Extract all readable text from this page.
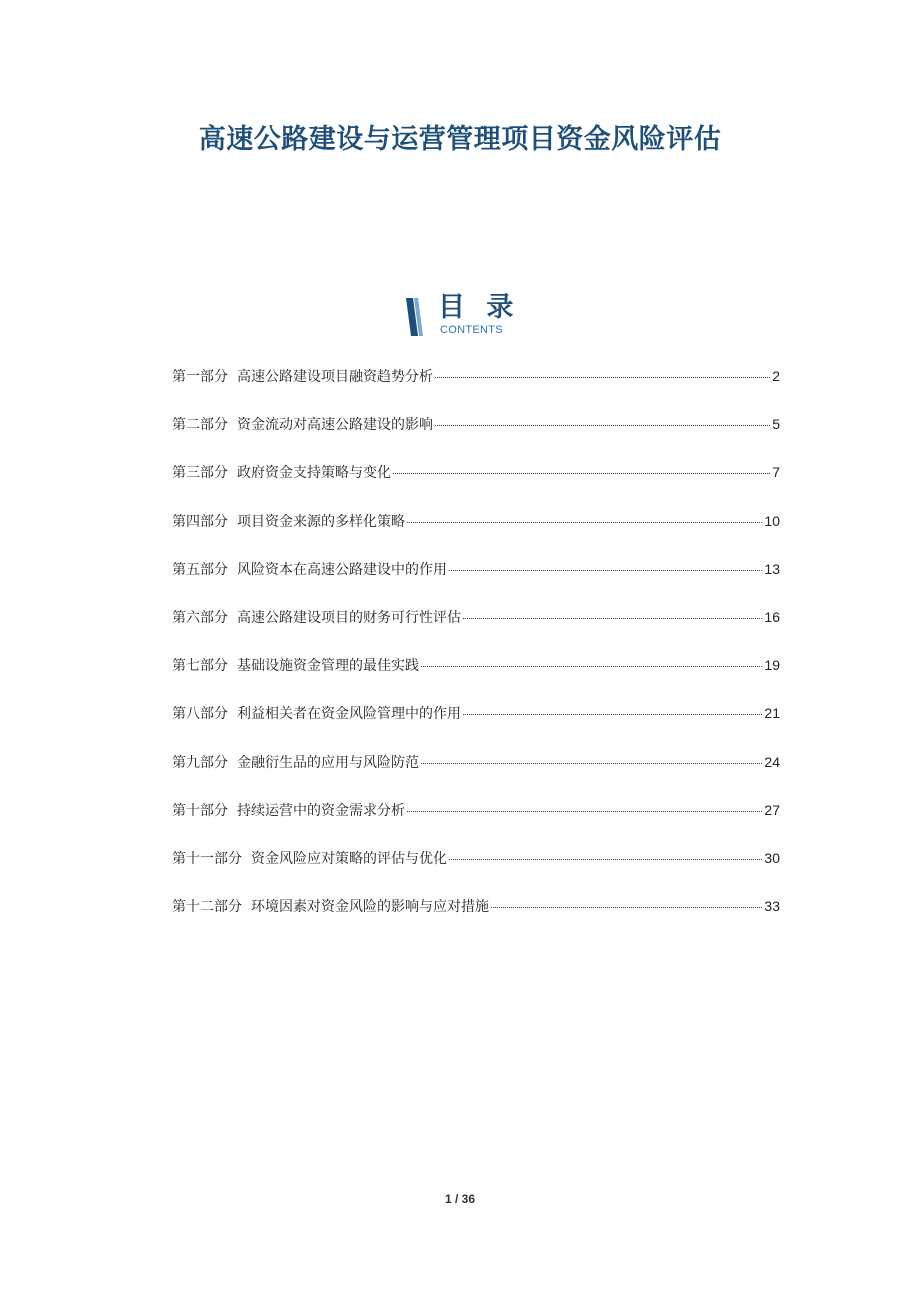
高速公路建设与运营管理项目资金风险评估
目 录
CONTENTS
第一部分 高速公路建设项目融资趋势分析	2
第二部分 资金流动对高速公路建设的影响	5
第三部分 政府资金支持策略与变化	7
第四部分 项目资金来源的多样化策略	10
第五部分 风险资本在高速公路建设中的作用	13
第六部分 高速公路建设项目的财务可行性评估	16
第七部分 基础设施资金管理的最佳实践	19
第八部分 利益相关者在资金风险管理中的作用	21
第九部分 金融衍生品的应用与风险防范	24
第十部分 持续运营中的资金需求分析	27
第十一部分 资金风险应对策略的评估与优化	30
第十二部分 环境因素对资金风险的影响与应对措施	33
1 / 36
